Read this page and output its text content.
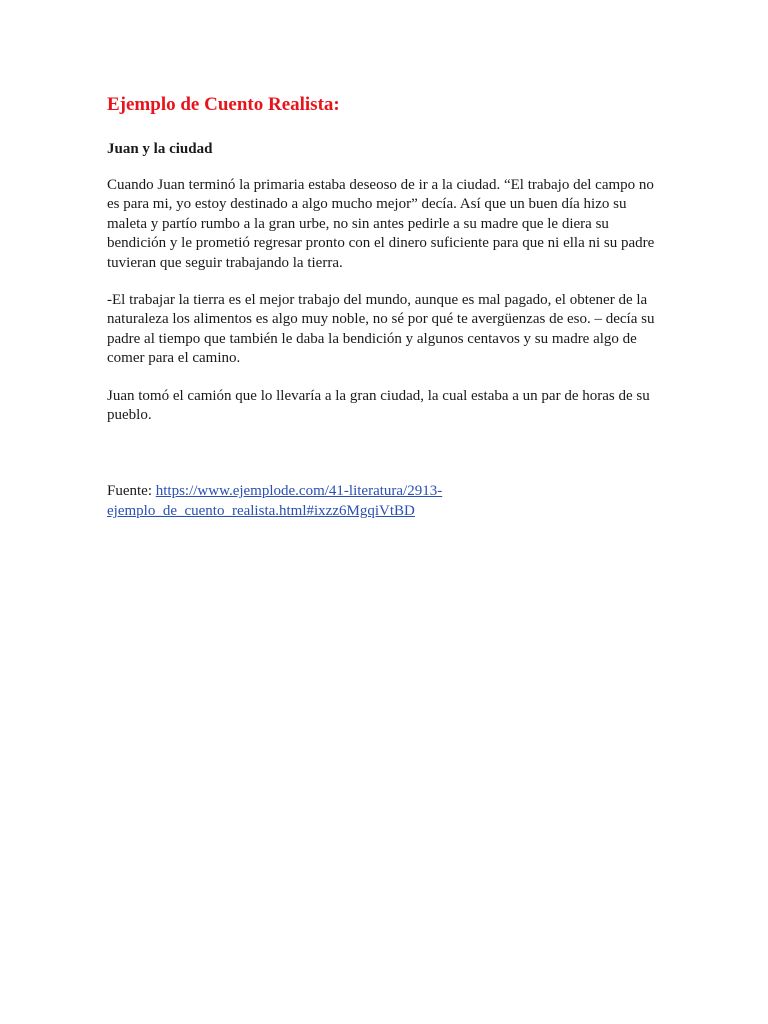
Ejemplo de Cuento Realista:
Juan y la ciudad

Cuando Juan terminó la primaria estaba deseoso de ir a la ciudad. “El trabajo del campo no es para mi, yo estoy destinado a algo mucho mejor” decía. Así que un buen día hizo su maleta y partío rumbo a la gran urbe, no sin antes pedirle a su madre que le diera su bendición y le prometió regresar pronto con el dinero suficiente para que ni ella ni su padre tuvieran que seguir trabajando la tierra.

-El trabajar la tierra es el mejor trabajo del mundo, aunque es mal pagado, el obtener de la naturaleza los alimentos es algo muy noble, no sé por qué te avergüenzas de eso. – decía su padre al tiempo que también le daba la bendición y algunos centavos y su madre algo de comer para el camino.

Juan tomó el camión que lo llevaría a la gran ciudad, la cual estaba a un par de horas de su pueblo.

Fuente: https://www.ejemplode.com/41-literatura/2913-ejemplo_de_cuento_realista.html#ixzz6MgqiVtBD
